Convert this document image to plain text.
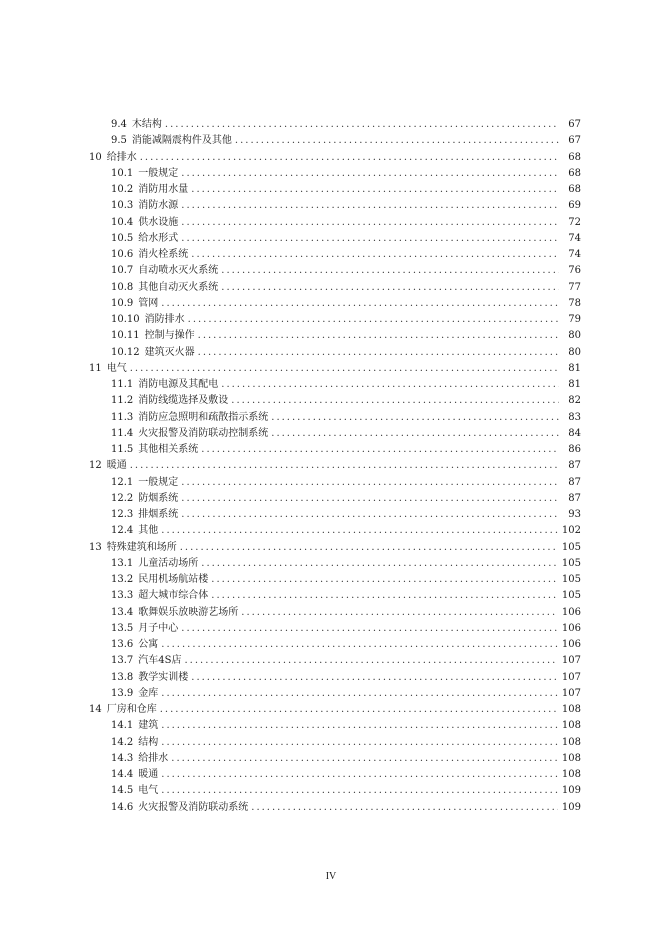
9.4 木结构 .....	67
9.5 消能减隔震构件及其他 .....	67
10 给排水 .....	68
10.1 一般规定 .....	68
10.2 消防用水量 .....	68
10.3 消防水源 .....	69
10.4 供水设施 .....	72
10.5 给水形式 .....	74
10.6 消火栓系统 .....	74
10.7 自动喷水灭火系统 .....	76
10.8 其他自动灭火系统 .....	77
10.9 管网 .....	78
10.10 消防排水 .....	79
10.11 控制与操作 .....	80
10.12 建筑灭火器 .....	80
11 电气 .....	81
11.1 消防电源及其配电 .....	81
11.2 消防线缆选择及敷设 .....	82
11.3 消防应急照明和疏散指示系统 .....	83
11.4 火灾报警及消防联动控制系统 .....	84
11.5 其他相关系统 .....	86
12 暖通 .....	87
12.1 一般规定 .....	87
12.2 防烟系统 .....	87
12.3 排烟系统 .....	93
12.4 其他 .....	102
13 特殊建筑和场所 .....	105
13.1 儿童活动场所 .....	105
13.2 民用机场航站楼 .....	105
13.3 超大城市综合体 .....	105
13.4 歌舞娱乐放映游艺场所 .....	106
13.5 月子中心 .....	106
13.6 公寓 .....	106
13.7 汽车4S店 .....	107
13.8 教学实训楼 .....	107
13.9 金库 .....	107
14 厂房和仓库 .....	108
14.1 建筑 .....	108
14.2 结构 .....	108
14.3 给排水 .....	108
14.4 暖通 .....	108
14.5 电气 .....	109
14.6 火灾报警及消防联动系统 .....	109
IV
